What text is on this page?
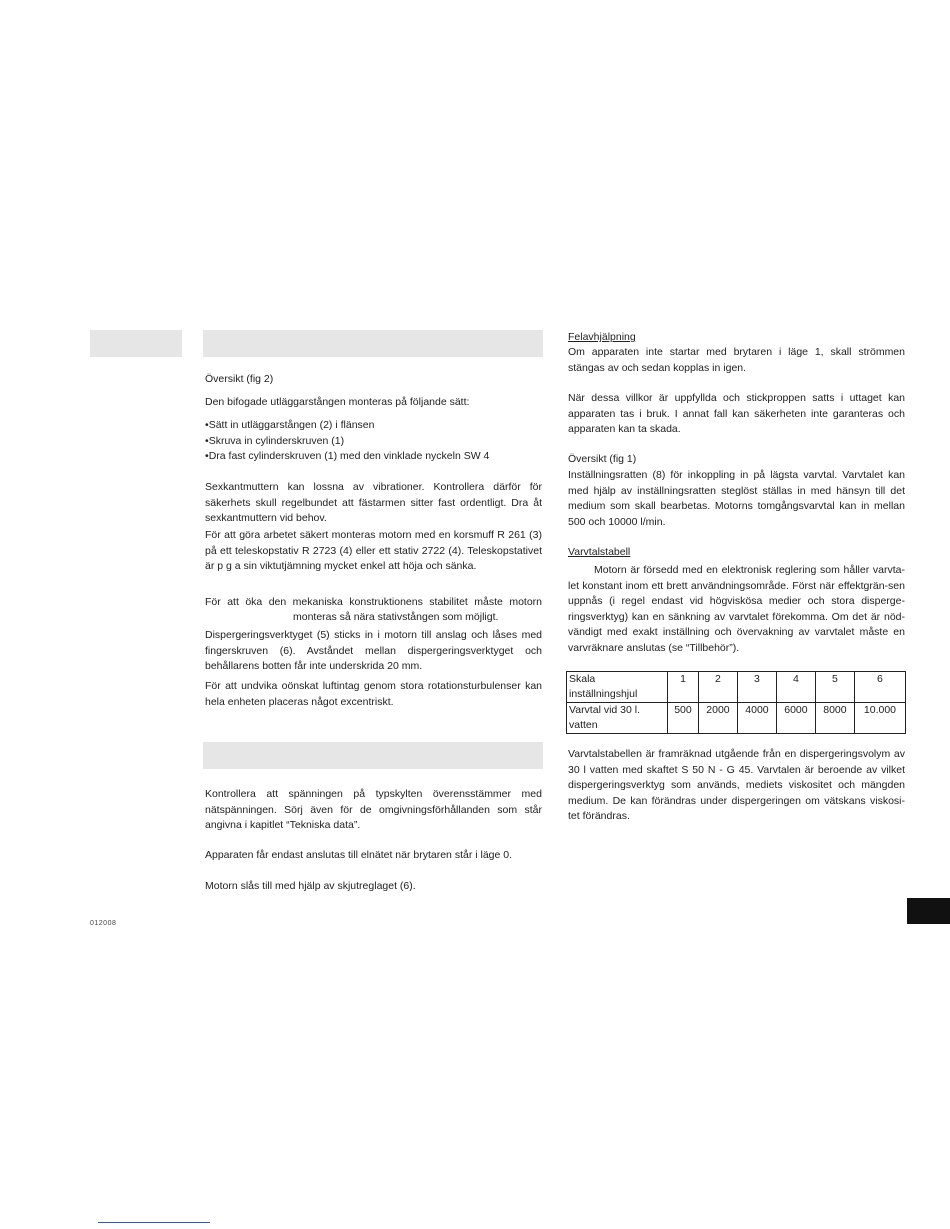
Översikt (fig 2)

Den bifogade utläggarstången monteras på följande sätt:

• Sätt in utläggarstången (2) i flänsen
• Skruva in cylinderskruven (1)
• Dra fast cylinderskruven (1) med den vinklade nyckeln SW 4

Sexkantmuttern kan lossna av vibrationer. Kontrollera därför för säkerhets skull regelbundet att fästarmen sitter fast ordentligt. Dra åt sexkantmuttern vid behov.

För att göra arbetet säkert monteras motorn med en korsmuff R 261 (3) på ett teleskopstativ R 2723 (4) eller ett stativ 2722 (4). Teleskopstativet är p g a sin viktutjämning mycket enkel att höja och sänka.

För att öka den mekaniska konstruktionens stabilitet måste motorn

monteras så nära stativstången som möjligt.

Dispergeringsverktyget (5) sticks in i motorn till anslag och låses med fingerskruven (6). Avståndet mellan dispergeringsverktyget och behållarens botten får inte underskrida 20 mm.

För att undvika oönskat luftintag genom stora rotationsturbulenser kan hela enheten placeras något excentriskt.

Kontrollera att spänningen på typskylten överensstämmer med nätspänningen. Sörj även för de omgivningsförhållanden som står angivna i kapitlet “Tekniska data”.

Apparaten får endast anslutas till elnätet när brytaren står i läge 0.

Motorn slås till med hjälp av skjutreglaget (6).

012008

Felavhjälpning

Om apparaten inte startar med brytaren i läge 1, skall strömmen stängas av och sedan kopplas in igen.

När dessa villkor är uppfyllda och stickproppen satts i uttaget kan apparaten tas i bruk. I annat fall kan säkerheten inte garanteras och apparaten kan ta skada.

Översikt (fig 1)

Inställningsratten (8) för inkoppling in på lägsta varvtal. Varvtalet kan med hjälp av inställningsratten steglöst ställas in med hänsyn till det medium som skall bearbetas. Motorns tomgångsvarvtal kan in mellan 500 och 10000 l/min.

Varvtalstabell

Motorn är försedd med en elektronisk reglering som håller varvta-let konstant inom ett brett användningsområde. Först när effektgrän-sen uppnås (i regel endast vid högviskösa medier och stora disperge-ringsverktyg) kan en sänkning av varvtalet förekomma. Om det är nöd-vändigt med exakt inställning och övervakning av varvtalet måste en varvräknare anslutas (se “Tillbehör”).

Skala inställningshjul	1	2	3	4	5	6
Varvtal vid 30 l. vatten	500	2000	4000	6000	8000	10.000

Varvtalstabellen är framräknad utgående från en dispergeringsvolym av 30 l vatten med skaftet S 50 N - G 45. Varvtalen är beroende av vilket dispergeringsverktyg som används, mediets viskositet och mängden medium. De kan förändras under dispergeringen om vätskans viskosi-tet förändras.
